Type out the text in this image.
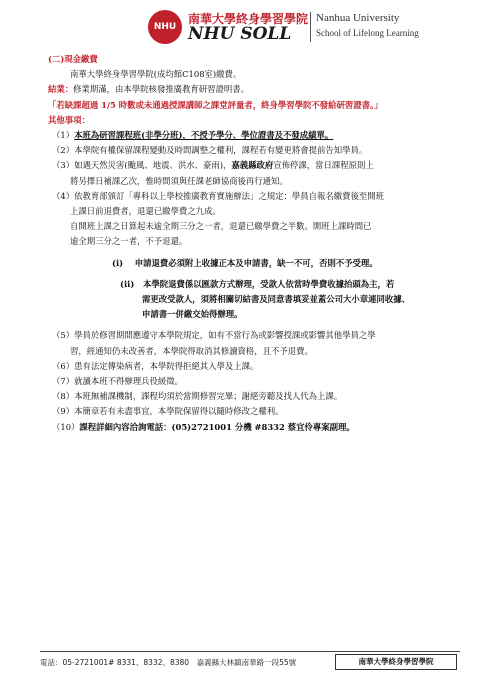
NHU
南華大學終身學習學院
NHU SOLL
Nanhua University
School of Lifelong Learning

(二)現金繳費

南華大學終身學習學院(成均館C108室)繳費。

結業：修業期滿，由本學院核發推廣教育研習證明書。

「若缺課超過 1/5 時數或未通過授課講師之課堂評量者，終身學習學院不發給研習證書。」

其他事項：

（1）本班為研習課程班(非學分班)，不授予學分、學位證書及不發成績單。

（2）本學院有權保留課程變動及時間調整之權利，課程若有變更將會提前告知學員。

（3）如遇天然災害(颱風、地震、洪水、豪雨)，嘉義縣政府宣佈停課，當日課程原則上

將另擇日補課乙次，惟時間須與任課老師協商後再行通知。

（4）依教育部頒訂「專科以上學校推廣教育實施辦法」之規定：學員自報名繳費後至開班

上課日前退費者，退還已繳學費之九成。

自開班上課之日算起未逾全期三分之一者，退還已繳學費之半數。開班上課時間已

逾全期三分之一者，不予退還。

(i) 申請退費必須附上收據正本及申請書，缺一不可，否則不予受理。

(ii) 本學院退費係以匯款方式辦理，受款人依當時學費收據抬頭為主，若

需更改受款人，須將相關切結書及同意書填妥並蓋公司大小章連同收據、

申請書一併繳交始得辦理。

（5）學員於修習期間應遵守本學院規定，如有不當行為或影響授課或影響其他學員之學

習，經通知仍未改善者，本學院得取消其修讀資格，且不予退費。

（6）患有法定傳染病者，本學院得拒絕其入學及上課。

（7）就讀本班不得辦理兵役緩徵。

（8）本班無補課機制，課程均須於當期修習完畢；謝絕旁聽及找人代為上課。

（9）本簡章若有未盡事宜，本學院保留得以隨時修改之權利。

（10）課程詳細內容洽詢電話：(05)2721001 分機 #8332 蔡宜伶專案副理。

電話：05-2721001# 8331、8332、8380　嘉義縣大林鎮南華路一段55號	南華大學終身學習學院
